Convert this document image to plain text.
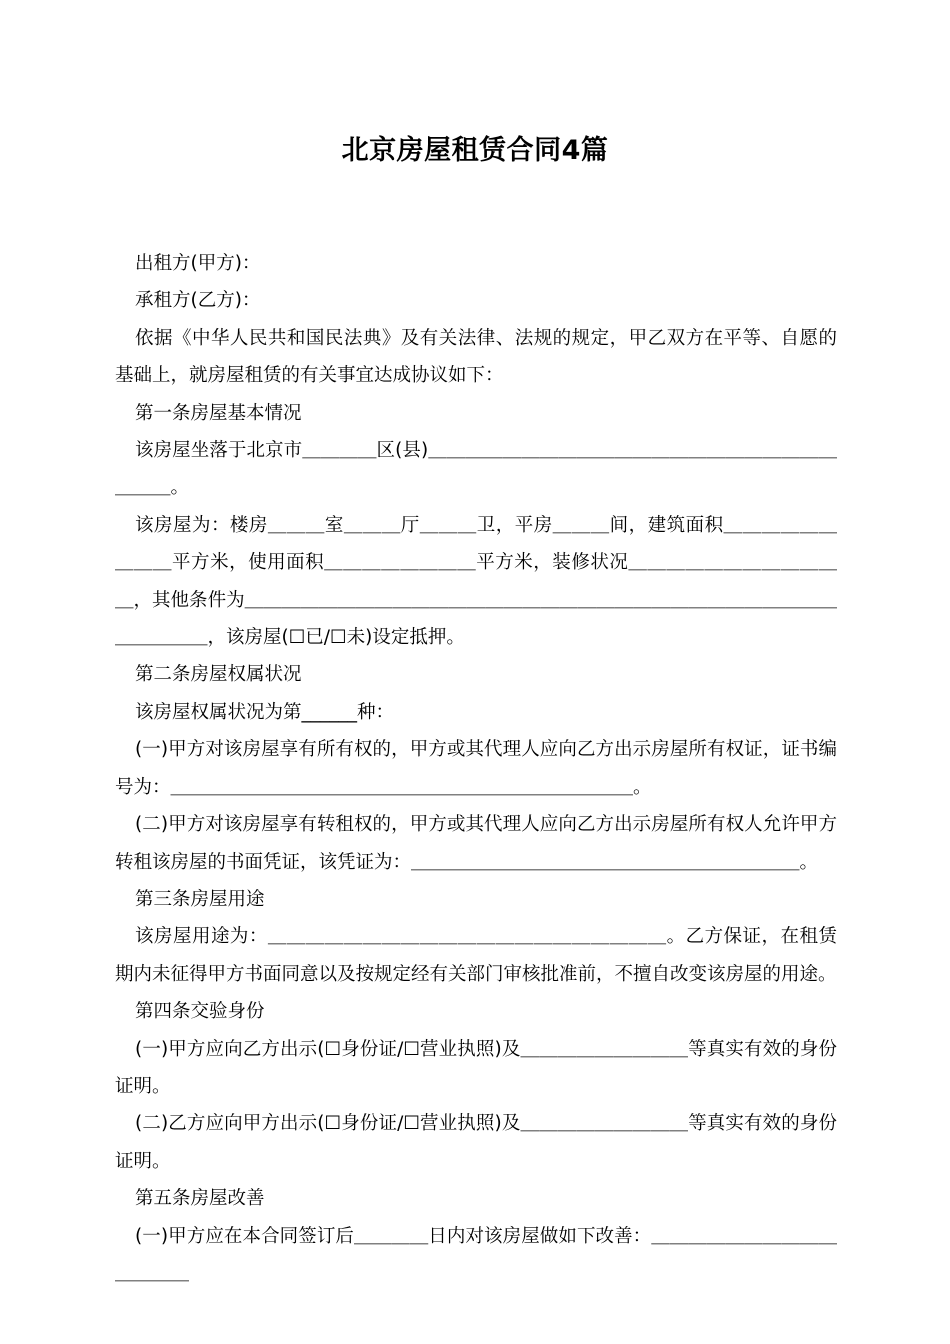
北京房屋租赁合同4篇

出租方(甲方)：

承租方(乙方)：

依据《中华人民共和国民法典》及有关法律、法规的规定，甲乙双方在平等、自愿的基础上，就房屋租赁的有关事宜达成协议如下：

第一条房屋基本情况

该房屋坐落于北京市＿＿＿＿区(县)＿＿＿＿＿＿＿＿＿＿＿＿＿＿＿＿＿＿＿＿＿＿＿＿＿。

该房屋为：楼房＿＿＿室＿＿＿厅＿＿＿卫，平房＿＿＿间，建筑面积＿＿＿＿＿＿＿＿＿平方米，使用面积＿＿＿＿＿＿＿＿平方米，装修状况＿＿＿＿＿＿＿＿＿＿＿＿，其他条件为＿＿＿＿＿＿＿＿＿＿＿＿＿＿＿＿＿＿＿＿＿＿＿＿＿＿＿＿＿＿＿＿＿＿＿＿＿，该房屋(☐已/☐未)设定抵押。

第二条房屋权属状况

该房屋权属状况为第______种：

(一)甲方对该房屋享有所有权的，甲方或其代理人应向乙方出示房屋所有权证，证书编号为：＿＿＿＿＿＿＿＿＿＿＿＿＿＿＿＿＿＿＿＿＿＿＿＿＿。

(二)甲方对该房屋享有转租权的，甲方或其代理人应向乙方出示房屋所有权人允许甲方转租该房屋的书面凭证，该凭证为：＿＿＿＿＿＿＿＿＿＿＿＿＿＿＿＿＿＿＿＿＿。

第三条房屋用途

该房屋用途为：＿＿＿＿＿＿＿＿＿＿＿＿＿＿＿＿＿＿＿＿＿。乙方保证，在租赁期内未征得甲方书面同意以及按规定经有关部门审核批准前，不擅自改变该房屋的用途。

第四条交验身份

(一)甲方应向乙方出示(☐身份证/☐营业执照)及＿＿＿＿＿＿＿＿＿等真实有效的身份证明。

(二)乙方应向甲方出示(☐身份证/☐营业执照)及＿＿＿＿＿＿＿＿＿等真实有效的身份证明。

第五条房屋改善

(一)甲方应在本合同签订后＿＿＿＿日内对该房屋做如下改善：＿＿＿＿＿＿＿＿＿＿＿＿＿＿
